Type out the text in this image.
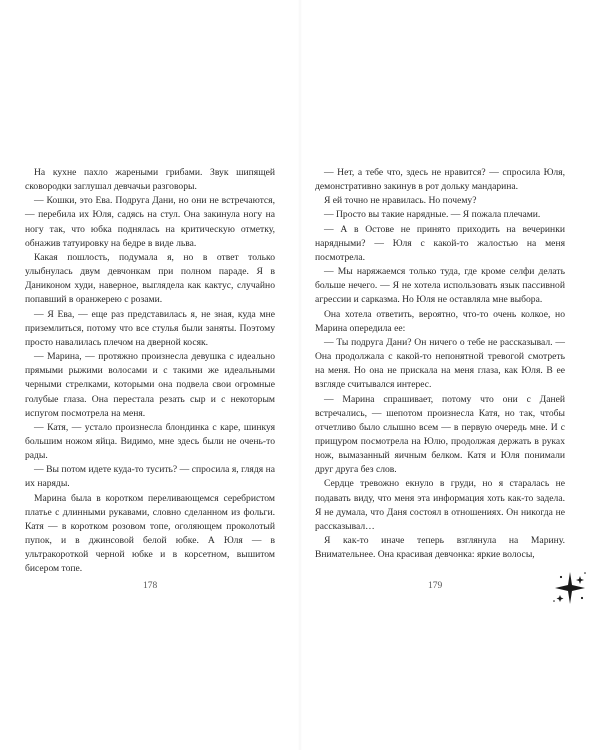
На кухне пахло жареными грибами. Звук шипящей сковородки заглушал девчачьи разговоры.

— Кошки, это Ева. Подруга Дани, но они не встречаются, — перебила их Юля, садясь на стул. Она закинула ногу на ногу так, что юбка поднялась на критическую отметку, обнажив татуировку на бедре в виде льва.

Какая пошлость, подумала я, но в ответ только улыбнулась двум девчонкам при полном параде. Я в Даниконом худи, наверное, выглядела как кактус, случайно попавший в оранжерею с розами.

— Я Ева, — еще раз представилась я, не зная, куда мне приземлиться, потому что все стулья были заняты. Поэтому просто навалилась плечом на дверной косяк.

— Марина, — протяжно произнесла девушка с идеально прямыми рыжими волосами и с такими же идеальными черными стрелками, которыми она подвела свои огромные голубые глаза. Она перестала резать сыр и с некоторым испугом посмотрела на меня.

— Катя, — устало произнесла блондинка с каре, шинкуя большим ножом яйца. Видимо, мне здесь были не очень-то рады.

— Вы потом идете куда-то тусить? — спросила я, глядя на их наряды.

Марина была в коротком переливающемся серебристом платье с длинными рукавами, словно сделанном из фольги. Катя — в коротком розовом топе, оголяющем проколотый пупок, и в джинсовой белой юбке. А Юля — в ультракороткой черной юбке и в корсетном, вышитом бисером топе.

— Нет, а тебе что, здесь не нравится? — спросила Юля, демонстративно закинув в рот дольку мандарина.

Я ей точно не нравилась. Но почему?

— Просто вы такие нарядные. — Я пожала плечами.

— А в Остове не принято приходить на вечеринки нарядными? — Юля с какой-то жалостью на меня посмотрела.

— Мы наряжаемся только туда, где кроме селфи делать больше нечего. — Я не хотела использовать язык пассивной агрессии и сарказма. Но Юля не оставляла мне выбора.

Она хотела ответить, вероятно, что-то очень колкое, но Марина опередила ее:

— Ты подруга Дани? Он ничего о тебе не рассказывал. — Она продолжала с какой-то непонятной тревогой смотреть на меня. Но она не прискала на меня глаза, как Юля. В ее взгляде считывался интерес.

— Марина спрашивает, потому что они с Даней встречались, — шепотом произнесла Катя, но так, чтобы отчетливо было слышно всем — в первую очередь мне. И с прищуром посмотрела на Юлю, продолжая держать в руках нож, вымазанный яичным белком. Катя и Юля понимали друг друга без слов.

Сердце тревожно екнуло в груди, но я старалась не подавать виду, что меня эта информация хоть как-то задела. Я не думала, что Даня состоял в отношениях. Он никогда не рассказывал…

Я как-то иначе теперь взглянула на Марину. Внимательнее. Она красивая девчонка: яркие волосы,

178	179
